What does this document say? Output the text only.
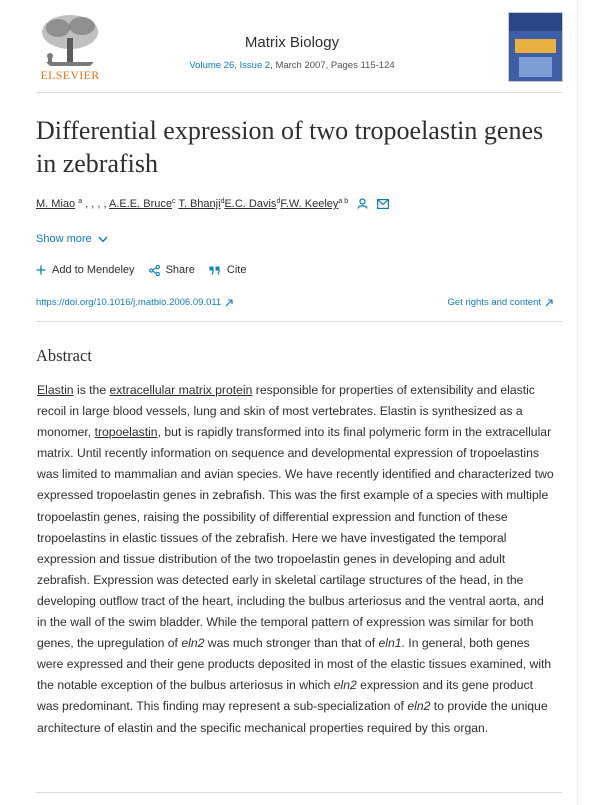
ELSEVIER
Matrix Biology
Volume 26, Issue 2, March 2007, Pages 115-124
Differential expression of two tropoelastin genes in zebrafish
M. Miao $^a$ , , , , A.E.E. Bruce$^c$ T. Bhanji$^d$E.C. Davis$^d$F.W. Keeley$^{a b}$
Show more
Add to Mendeley	Share	Cite
https://doi.org/10.1016/j.matbio.2006.09.011	Get rights and content
Abstract

Elastin is the extracellular matrix protein responsible for properties of extensibility and elastic recoil in large blood vessels, lung and skin of most vertebrates. Elastin is synthesized as a monomer, tropoelastin, but is rapidly transformed into its final polymeric form in the extracellular matrix. Until recently information on sequence and developmental expression of tropoelastins was limited to mammalian and avian species. We have recently identified and characterized two expressed tropoelastin genes in zebrafish. This was the first example of a species with multiple tropoelastin genes, raising the possibility of differential expression and function of these tropoelastins in elastic tissues of the zebrafish. Here we have investigated the temporal expression and tissue distribution of the two tropoelastin genes in developing and adult zebrafish. Expression was detected early in skeletal cartilage structures of the head, in the developing outflow tract of the heart, including the bulbus arteriosus and the ventral aorta, and in the wall of the swim bladder. While the temporal pattern of expression was similar for both genes, the upregulation of eln2 was much stronger than that of eln1. In general, both genes were expressed and their gene products deposited in most of the elastic tissues examined, with the notable exception of the bulbus arteriosus in which eln2 expression and its gene product was predominant. This finding may represent a sub-specialization of eln2 to provide the unique architecture of elastin and the specific mechanical properties required by this organ.
